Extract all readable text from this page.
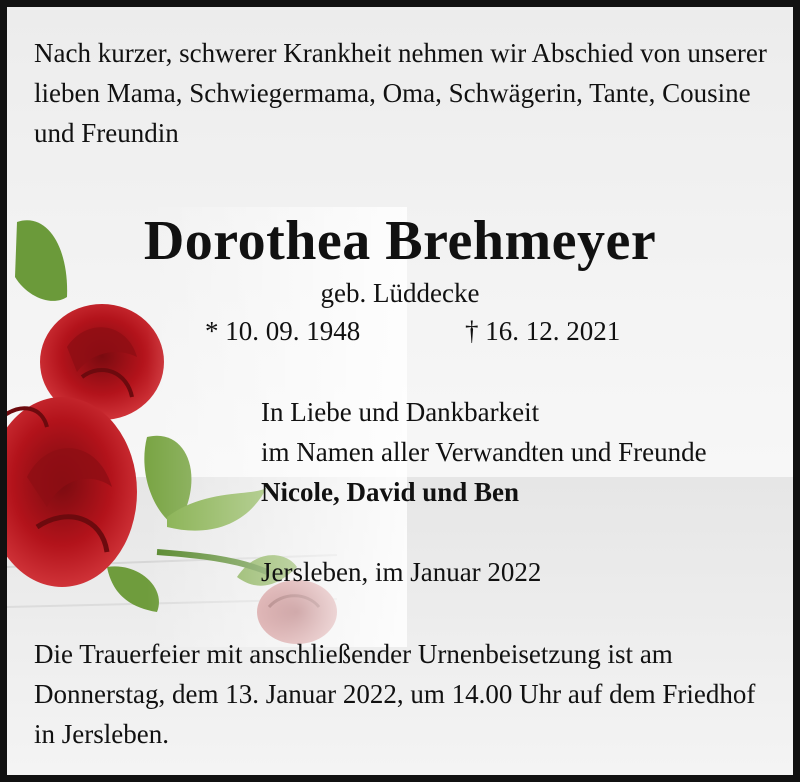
Nach kurzer, schwerer Krankheit nehmen wir Abschied von unserer lieben Mama, Schwiegermama, Oma, Schwägerin, Tante, Cousine und Freundin

Dorothea Brehmeyer
geb. Lüddecke
* 10. 09. 1948	† 16. 12. 2021
In Liebe und Dankbarkeit
im Namen aller Verwandten und Freunde
Nicole, David und Ben
Jersleben, im Januar 2022

Die Trauerfeier mit anschließender Urnenbeisetzung ist am Donnerstag, dem 13. Januar 2022, um 14.00 Uhr auf dem Friedhof in Jersleben.
